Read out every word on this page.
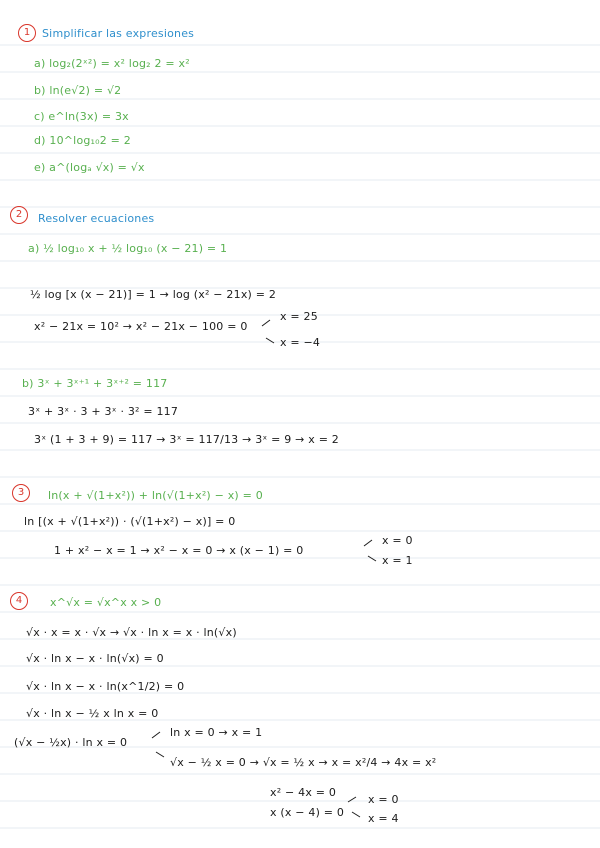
1	Simplificar las expresiones
a) log₂(2ˣ²) = x² log₂ 2 = x²
b) ln(e√2) = √2
c) e^ln(3x) = 3x
d) 10^log₁₀2 = 2
e) a^(logₐ √x) = √x
2	Resolver ecuaciones
a) ½ log₁₀ x + ½ log₁₀ (x − 21) = 1
½ log [x (x − 21)] = 1 → log (x² − 21x) = 2
x² − 21x = 10² → x² − 21x − 100 = 0
x = 25
x = −4
b) 3ˣ + 3ˣ⁺¹ + 3ˣ⁺² = 117
3ˣ + 3ˣ · 3 + 3ˣ · 3² = 117
3ˣ (1 + 3 + 9) = 117 → 3ˣ = 117/13 → 3ˣ = 9 → x = 2
3	ln(x + √(1+x²)) + ln(√(1+x²) − x) = 0
ln [(x + √(1+x²)) · (√(1+x²) − x)] = 0
1 + x² − x = 1 → x² − x = 0 → x (x − 1) = 0
x = 0
x = 1
4	x^√x = √x^x x > 0
√x · x = x · √x → √x · ln x = x · ln(√x)
√x · ln x − x · ln(√x) = 0
√x · ln x − x · ln(x^1/2) = 0
√x · ln x − ½ x ln x = 0
(√x − ½x) · ln x = 0
ln x = 0 → x = 1
√x − ½ x = 0 → √x = ½ x → x = x²/4 → 4x = x²
x² − 4x = 0
x (x − 4) = 0
x = 0
x = 4
